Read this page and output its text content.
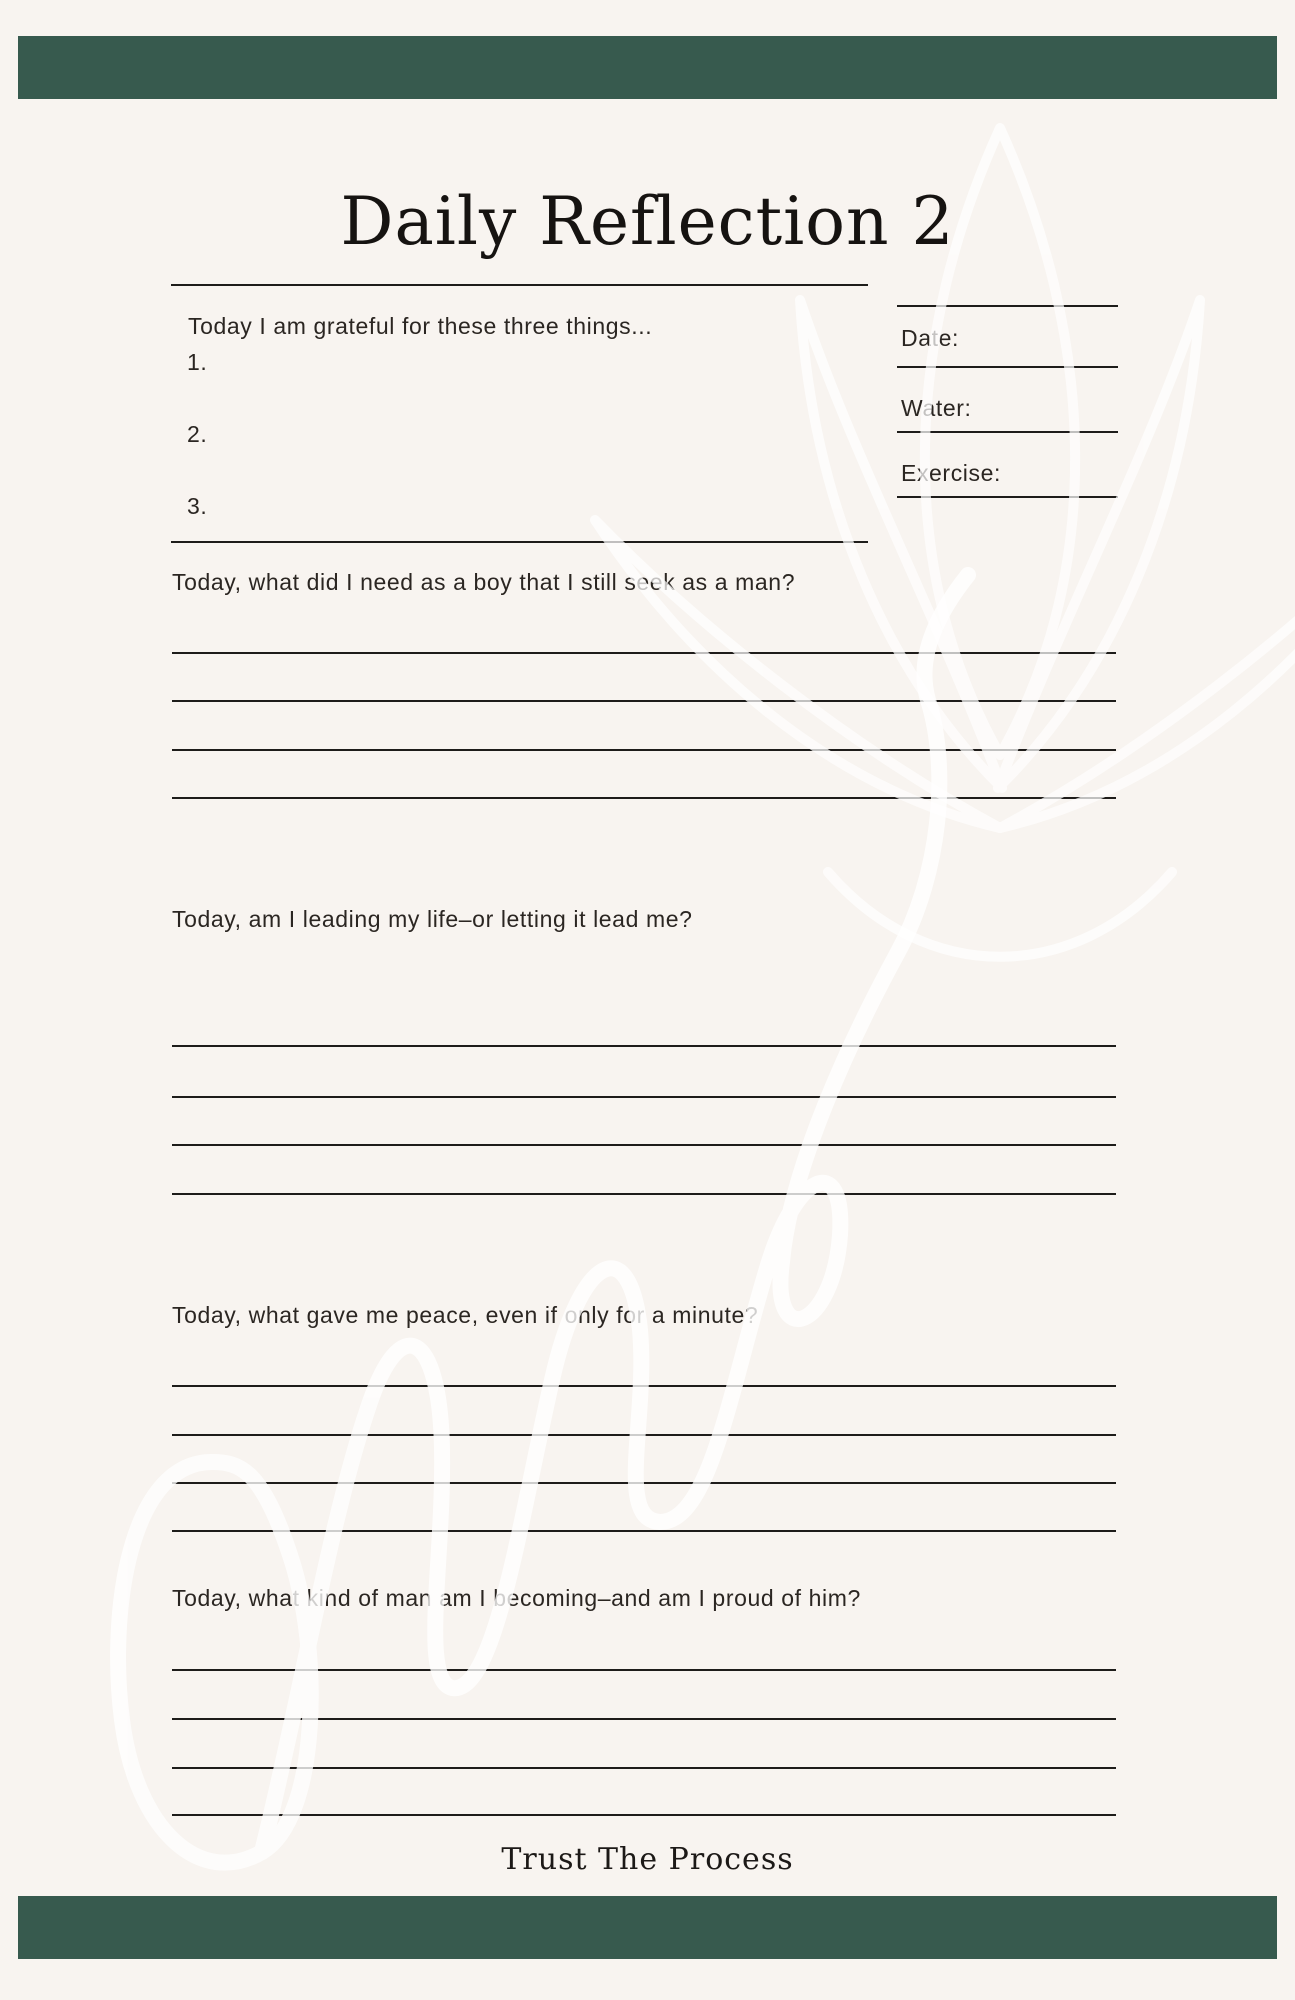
Daily Reflection 2
Today I am grateful for these three things...
1.
2.
3.
Date:
Water:
Exercise:
Today, what did I need as a boy that I still seek as a man?
Today, am I leading my life–or letting it lead me?
Today, what gave me peace, even if only for a minute?
Today, what kind of man am I becoming–and am I proud of him?
Trust The Process
